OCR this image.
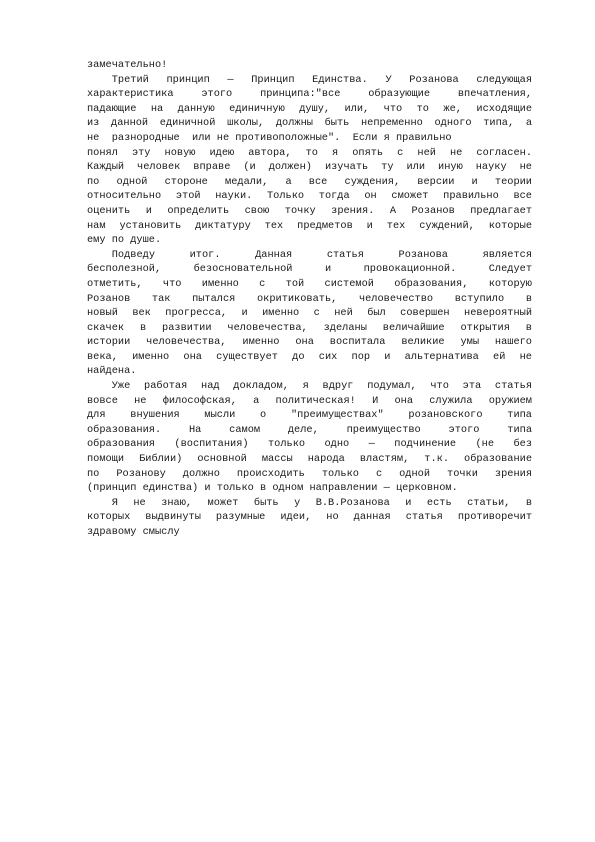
замечательно!
Третий принцип — Принцип Единства. У Розанова следующая
характеристика этого принципа:"все образующие впечатления,
падающие на данную единичную душу, или, что то же, исходящие
из данной единичной школы, должны быть непременно одного типа, а
не  разнородные  или не противоположные".  Если я правильно
понял эту новую идею автора, то я опять с ней не согласен.
Каждый человек вправе (и должен) изучать ту или иную науку не
по одной стороне медали, а все суждения, версии и теории
относительно этой науки. Только тогда он сможет правильно все
оценить и определить свою точку зрения. А Розанов предлагает
нам установить диктатуру тех предметов и тех суждений, которые
ему по душе.
Подведу итог. Данная статья Розанова является
бесполезной, безосновательной и провокационной. Следует
отметить, что именно с той системой образования, которую
Розанов так пытался окритиковать, человечество вступило в
новый век прогресса, и именно с ней был совершен невероятный
скачек в развитии человечества, зделаны величайшие открытия в
истории человечества, именно она воспитала великие умы нашего
века, именно она существует до сих пор и альтернатива ей не
найдена.
Уже работая над докладом, я вдруг подумал, что эта статья
вовсе не философская, а политическая! И она служила оружием
для внушения мысли о "преимуществах" розановского типа
образования. На самом деле, преимущество этого типа
образования (воспитания) только одно — подчинение (не без
помощи Библии) основной массы народа властям, т.к. образование
по Розанову должно происходить только с одной точки зрения
(принцип единства) и только в одном направлении — церковном.
Я не знаю, может быть у В.В.Розанова и есть статьи, в
которых выдвинуты разумные идеи, но данная статья противоречит
здравому смыслу
